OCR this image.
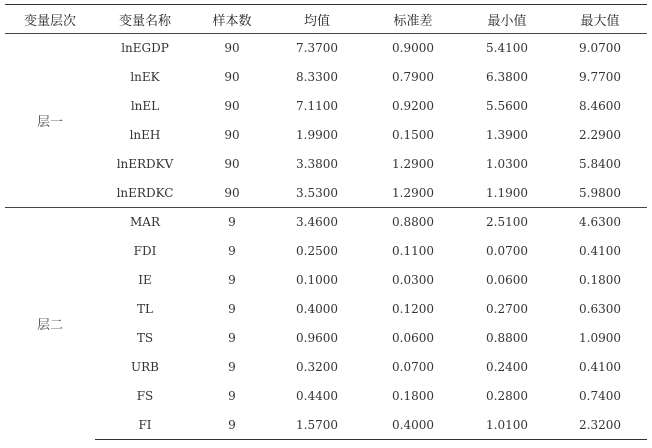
变量层次	变量名称	样本数	均值	标准差	最小值	最大值
层一	lnEGDP	90	7.3700	0.9000	5.4100	9.0700
	lnEK	90	8.3300	0.7900	6.3800	9.7700
	lnEL	90	7.1100	0.9200	5.5600	8.4600
	lnEH	90	1.9900	0.1500	1.3900	2.2900
	lnERDKV	90	3.3800	1.2900	1.0300	5.8400
	lnERDKC	90	3.5300	1.2900	1.1900	5.9800
层二	MAR	9	3.4600	0.8800	2.5100	4.6300
	FDI	9	0.2500	0.1100	0.0700	0.4100
	IE	9	0.1000	0.0300	0.0600	0.1800
	TL	9	0.4000	0.1200	0.2700	0.6300
	TS	9	0.9600	0.0600	0.8800	1.0900
	URB	9	0.3200	0.0700	0.2400	0.4100
	FS	9	0.4400	0.1800	0.2800	0.7400
	FI	9	1.5700	0.4000	1.0100	2.3200
